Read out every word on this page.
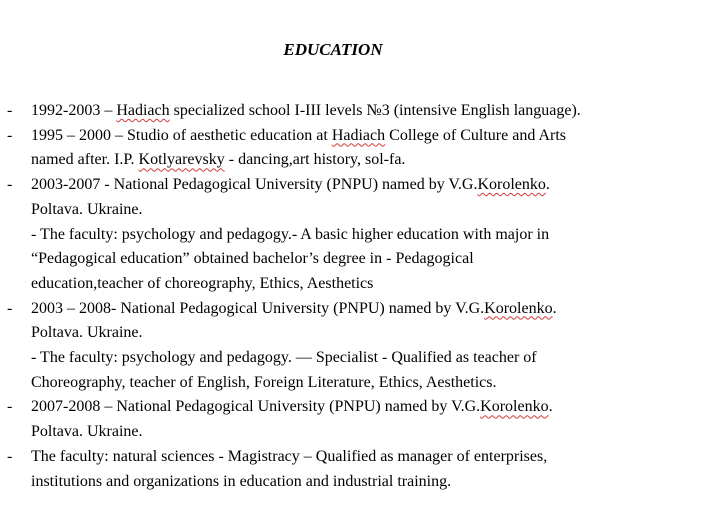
EDUCATION
- 1992-2003 – Hadiach specialized school I-III levels №3 (intensive English language).
- 1995 – 2000 – Studio of aesthetic education at Hadiach College of Culture and Arts
named after. I.P. Kotlyarevsky - dancing,art history, sol-fa.
- 2003-2007 - National Pedagogical University (PNPU) named by V.G.Korolenko.
Poltava. Ukraine.
- The faculty: psychology and pedagogy.- A basic higher education with major in
“Pedagogical education” obtained bachelor’s degree in - Pedagogical
education,teacher of choreography, Ethics, Aesthetics
- 2003 – 2008- National Pedagogical University (PNPU) named by V.G.Korolenko.
Poltava. Ukraine.
- The faculty: psychology and pedagogy. — Specialist - Qualified as teacher of
Choreography, teacher of English, Foreign Literature, Ethics, Aesthetics.
- 2007-2008 – National Pedagogical University (PNPU) named by V.G.Korolenko.
Poltava. Ukraine.
- The faculty: natural sciences - Magistracy – Qualified as manager of enterprises,
institutions and organizations in education and industrial training.
